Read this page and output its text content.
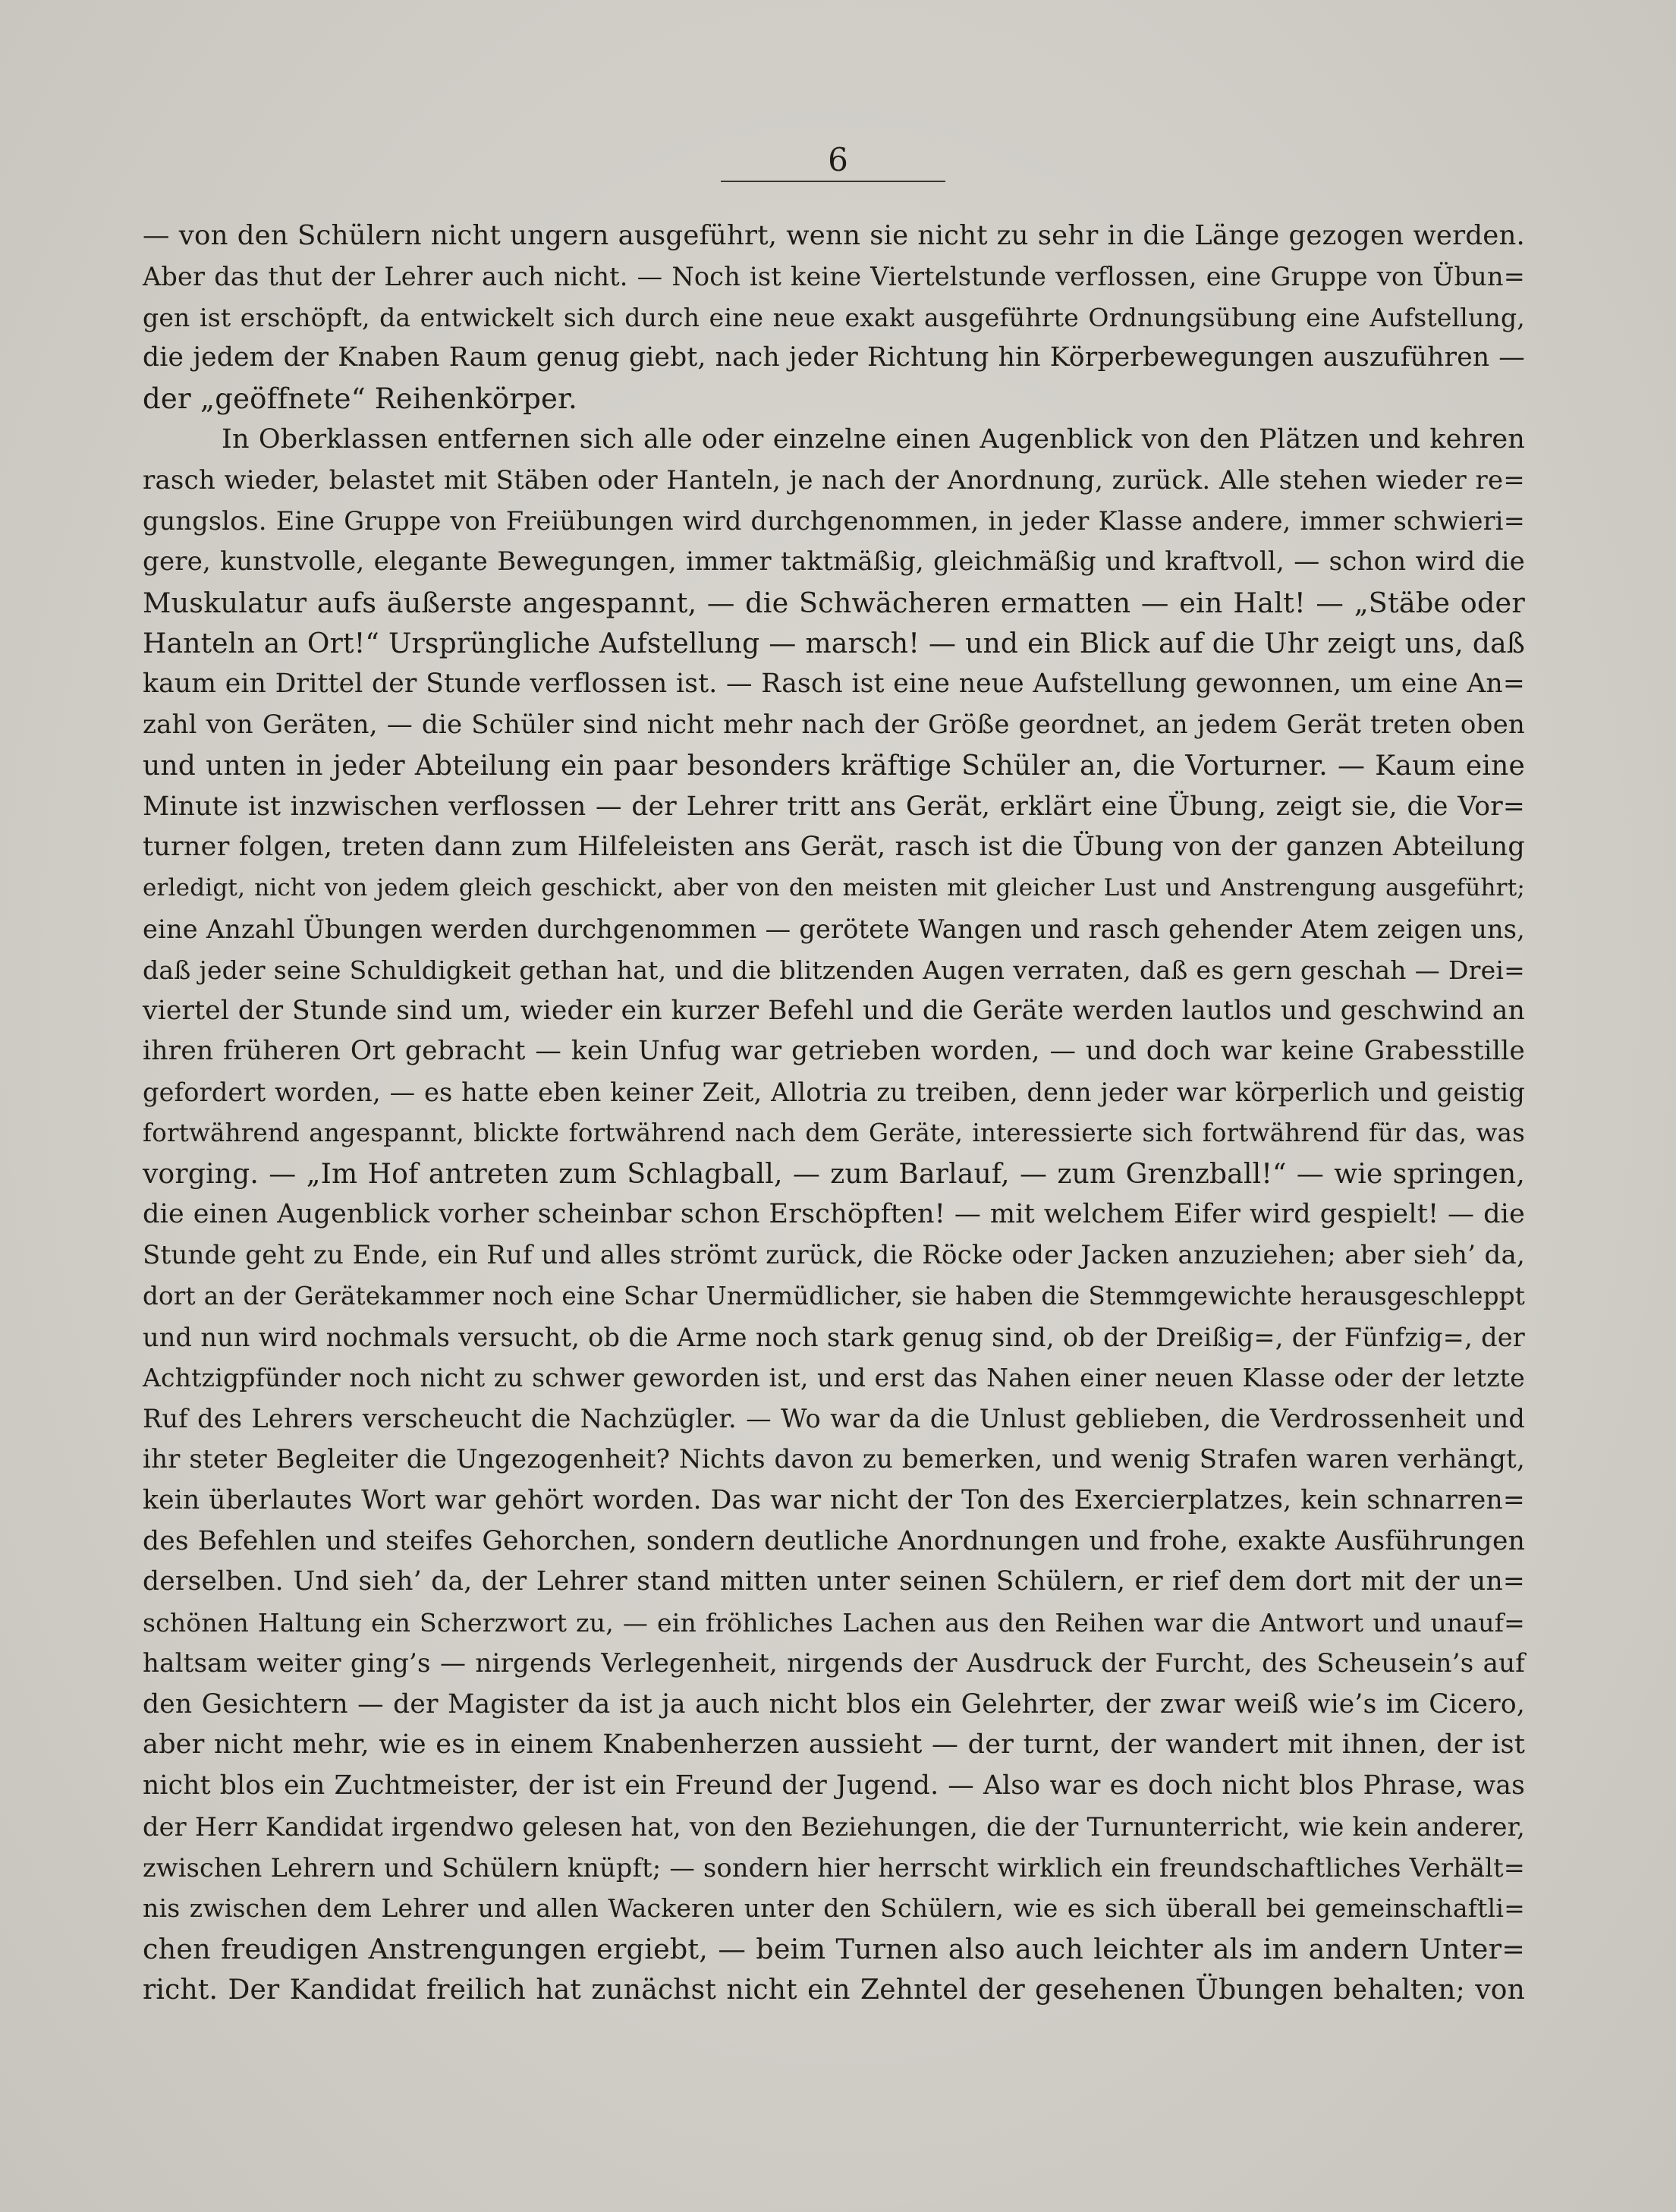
6
— von den Schülern nicht ungern ausgeführt, wenn sie nicht zu sehr in die Länge gezogen werden.
Aber das thut der Lehrer auch nicht. — Noch ist keine Viertelstunde verflossen, eine Gruppe von Übun=
gen ist erschöpft, da entwickelt sich durch eine neue exakt ausgeführte Ordnungsübung eine Aufstellung,
die jedem der Knaben Raum genug giebt, nach jeder Richtung hin Körperbewegungen auszuführen —
der „geöffnete“ Reihenkörper.
In Oberklassen entfernen sich alle oder einzelne einen Augenblick von den Plätzen und kehren
rasch wieder, belastet mit Stäben oder Hanteln, je nach der Anordnung, zurück. Alle stehen wieder re=
gungslos. Eine Gruppe von Freiübungen wird durchgenommen, in jeder Klasse andere, immer schwieri=
gere, kunstvolle, elegante Bewegungen, immer taktmäßig, gleichmäßig und kraftvoll, — schon wird die
Muskulatur aufs äußerste angespannt, — die Schwächeren ermatten — ein Halt! — „Stäbe oder
Hanteln an Ort!“ Ursprüngliche Aufstellung — marsch! — und ein Blick auf die Uhr zeigt uns, daß
kaum ein Drittel der Stunde verflossen ist. — Rasch ist eine neue Aufstellung gewonnen, um eine An=
zahl von Geräten, — die Schüler sind nicht mehr nach der Größe geordnet, an jedem Gerät treten oben
und unten in jeder Abteilung ein paar besonders kräftige Schüler an, die Vorturner. — Kaum eine
Minute ist inzwischen verflossen — der Lehrer tritt ans Gerät, erklärt eine Übung, zeigt sie, die Vor=
turner folgen, treten dann zum Hilfeleisten ans Gerät, rasch ist die Übung von der ganzen Abteilung
erledigt, nicht von jedem gleich geschickt, aber von den meisten mit gleicher Lust und Anstrengung ausgeführt;
eine Anzahl Übungen werden durchgenommen — gerötete Wangen und rasch gehender Atem zeigen uns,
daß jeder seine Schuldigkeit gethan hat, und die blitzenden Augen verraten, daß es gern geschah — Drei=
viertel der Stunde sind um, wieder ein kurzer Befehl und die Geräte werden lautlos und geschwind an
ihren früheren Ort gebracht — kein Unfug war getrieben worden, — und doch war keine Grabesstille
gefordert worden, — es hatte eben keiner Zeit, Allotria zu treiben, denn jeder war körperlich und geistig
fortwährend angespannt, blickte fortwährend nach dem Geräte, interessierte sich fortwährend für das, was
vorging. — „Im Hof antreten zum Schlagball, — zum Barlauf, — zum Grenzball!“ — wie springen,
die einen Augenblick vorher scheinbar schon Erschöpften! — mit welchem Eifer wird gespielt! — die
Stunde geht zu Ende, ein Ruf und alles strömt zurück, die Röcke oder Jacken anzuziehen; aber sieh’ da,
dort an der Gerätekammer noch eine Schar Unermüdlicher, sie haben die Stemmgewichte herausgeschleppt
und nun wird nochmals versucht, ob die Arme noch stark genug sind, ob der Dreißig=, der Fünfzig=, der
Achtzigpfünder noch nicht zu schwer geworden ist, und erst das Nahen einer neuen Klasse oder der letzte
Ruf des Lehrers verscheucht die Nachzügler. — Wo war da die Unlust geblieben, die Verdrossenheit und
ihr steter Begleiter die Ungezogenheit? Nichts davon zu bemerken, und wenig Strafen waren verhängt,
kein überlautes Wort war gehört worden. Das war nicht der Ton des Exercierplatzes, kein schnarren=
des Befehlen und steifes Gehorchen, sondern deutliche Anordnungen und frohe, exakte Ausführungen
derselben. Und sieh’ da, der Lehrer stand mitten unter seinen Schülern, er rief dem dort mit der un=
schönen Haltung ein Scherzwort zu, — ein fröhliches Lachen aus den Reihen war die Antwort und unauf=
haltsam weiter ging’s — nirgends Verlegenheit, nirgends der Ausdruck der Furcht, des Scheusein’s auf
den Gesichtern — der Magister da ist ja auch nicht blos ein Gelehrter, der zwar weiß wie’s im Cicero,
aber nicht mehr, wie es in einem Knabenherzen aussieht — der turnt, der wandert mit ihnen, der ist
nicht blos ein Zuchtmeister, der ist ein Freund der Jugend. — Also war es doch nicht blos Phrase, was
der Herr Kandidat irgendwo gelesen hat, von den Beziehungen, die der Turnunterricht, wie kein anderer,
zwischen Lehrern und Schülern knüpft; — sondern hier herrscht wirklich ein freundschaftliches Verhält=
nis zwischen dem Lehrer und allen Wackeren unter den Schülern, wie es sich überall bei gemeinschaftli=
chen freudigen Anstrengungen ergiebt, — beim Turnen also auch leichter als im andern Unter=
richt. Der Kandidat freilich hat zunächst nicht ein Zehntel der gesehenen Übungen behalten; von
